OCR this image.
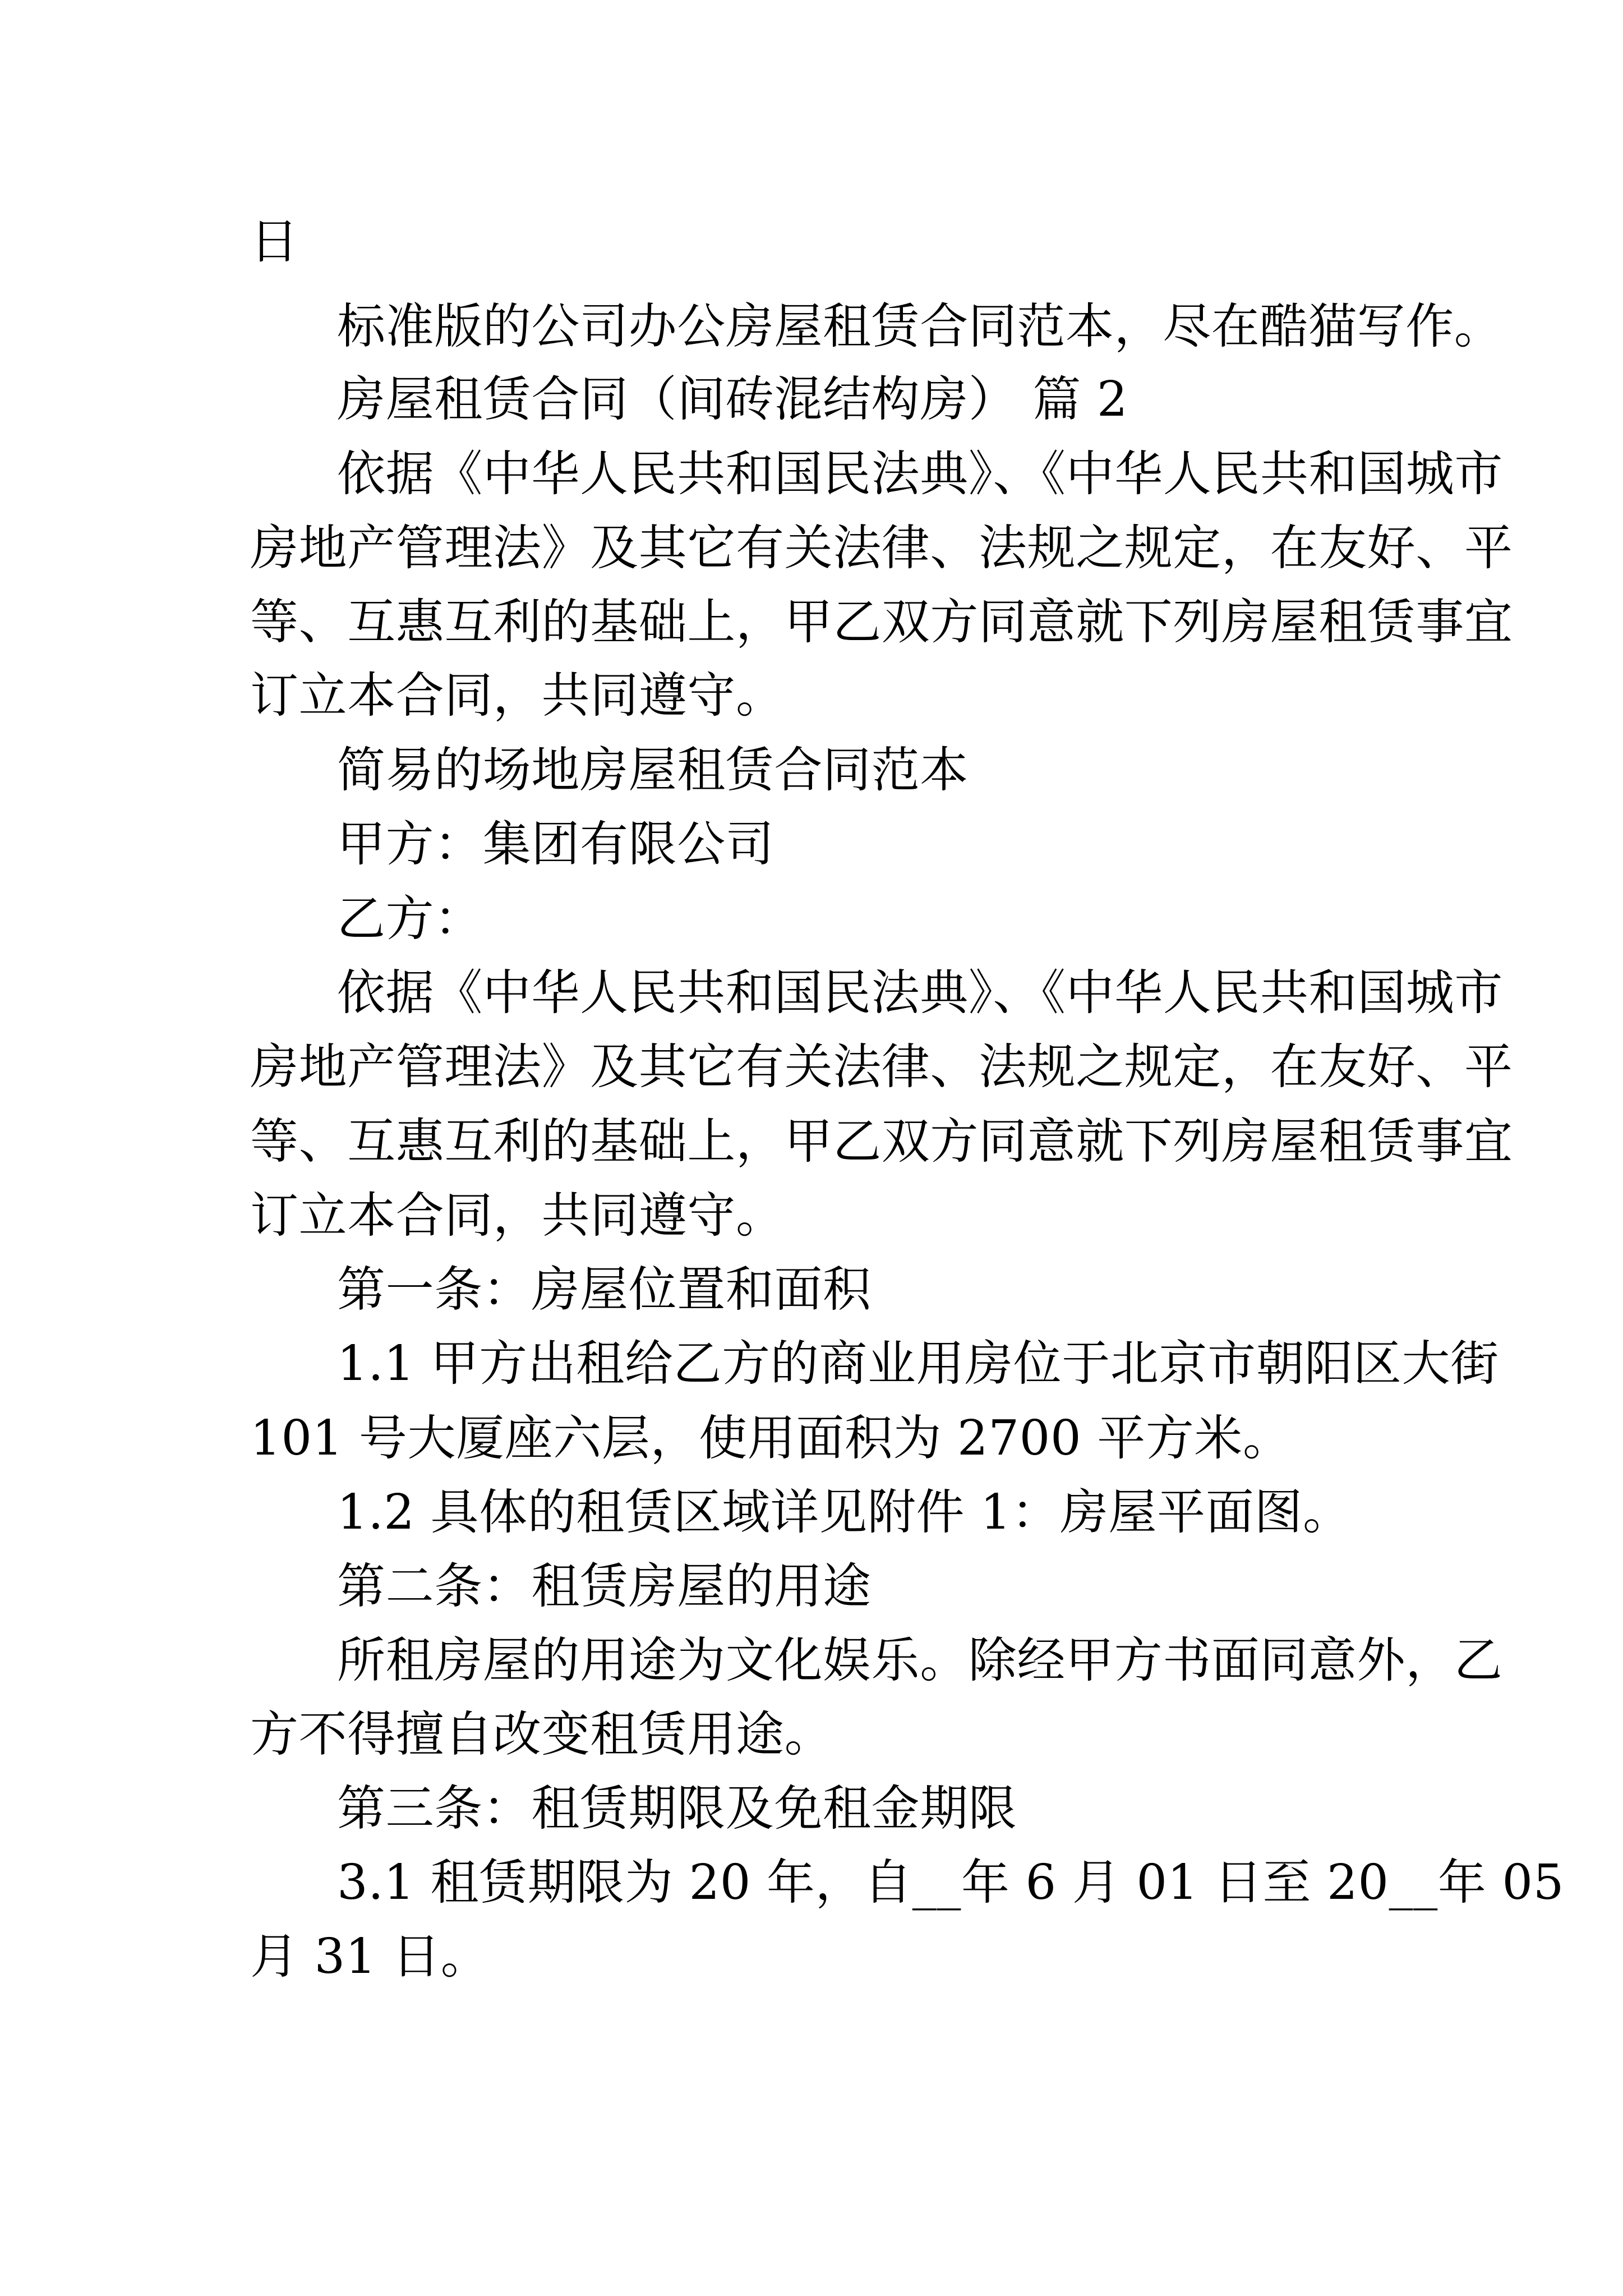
日
标准版的公司办公房屋租赁合同范本，尽在酷猫写作。
房屋租赁合同（间砖混结构房） 篇 2
依据《中华人民共和国民法典》、《中华人民共和国城市
房地产管理法》及其它有关法律、法规之规定，在友好、平
等、互惠互利的基础上，甲乙双方同意就下列房屋租赁事宜
订立本合同，共同遵守。
简易的场地房屋租赁合同范本
甲方：集团有限公司
乙方：
依据《中华人民共和国民法典》、《中华人民共和国城市
房地产管理法》及其它有关法律、法规之规定，在友好、平
等、互惠互利的基础上，甲乙双方同意就下列房屋租赁事宜
订立本合同，共同遵守。
第一条：房屋位置和面积
1.1 甲方出租给乙方的商业用房位于北京市朝阳区大街
101 号大厦座六层，使用面积为 2700 平方米。
1.2 具体的租赁区域详见附件 1：房屋平面图。
第二条：租赁房屋的用途
所租房屋的用途为文化娱乐。除经甲方书面同意外，乙
方不得擅自改变租赁用途。
第三条：租赁期限及免租金期限
3.1 租赁期限为 20 年，自__年 6 月 01 日至 20__年 05
月 31 日。
